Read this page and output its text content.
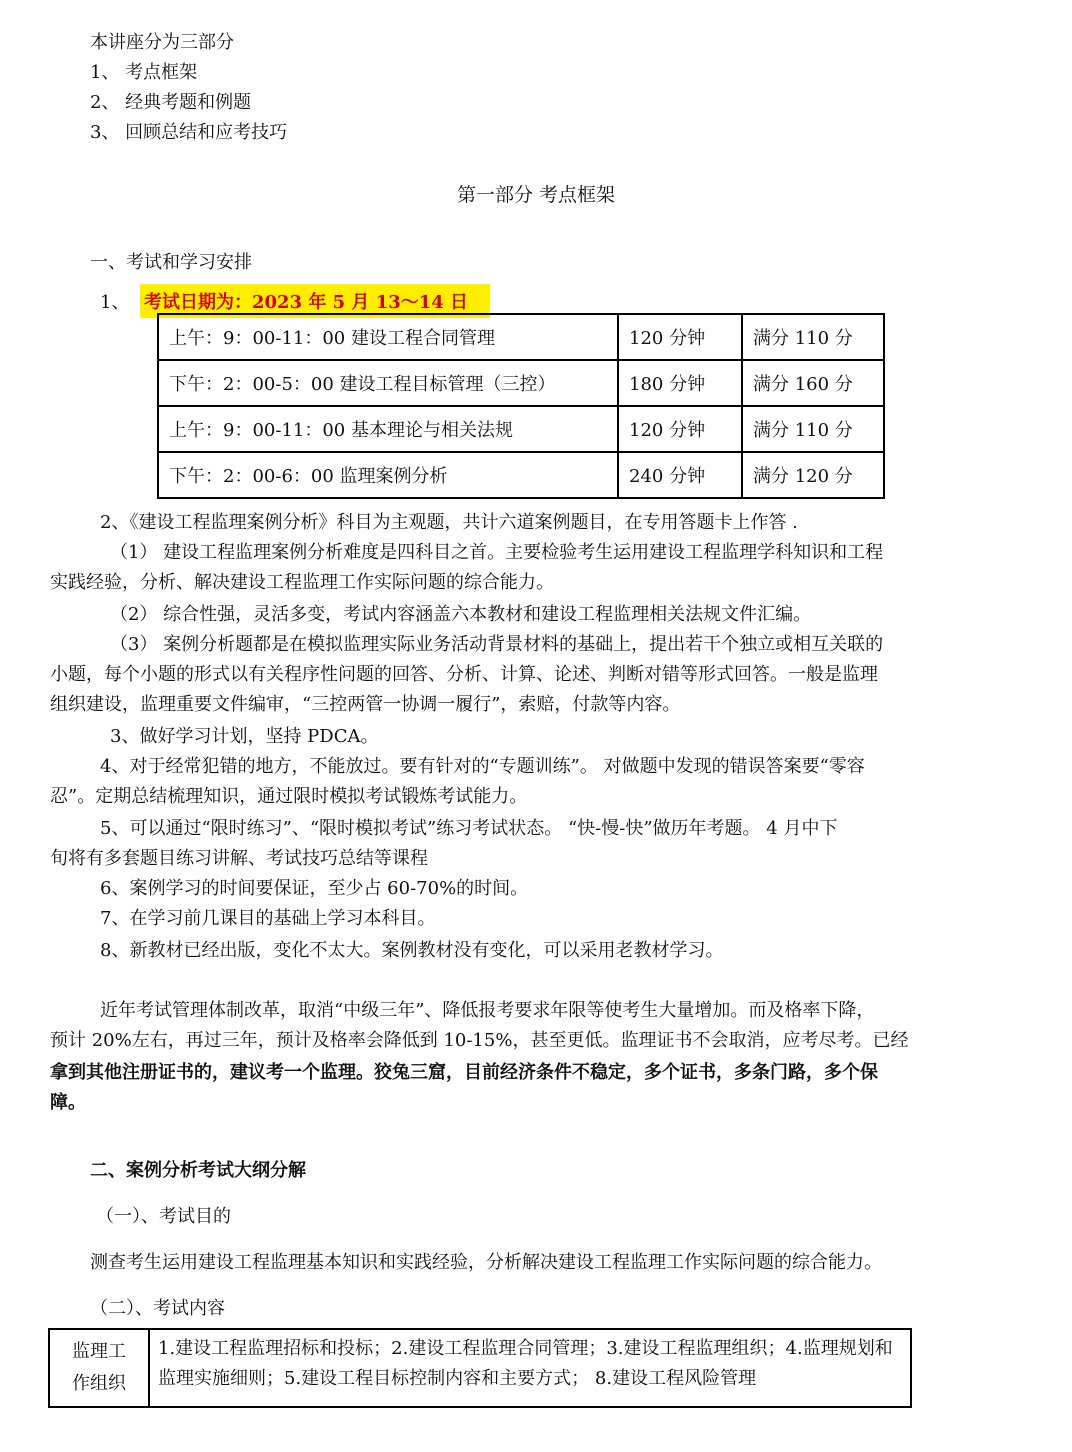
本讲座分为三部分
1、 考点框架
2、 经典考题和例题
3、 回顾总结和应考技巧
第一部分 考点框架
一、考试和学习安排
1、 考试日期为：2023 年 5 月 13～14 日
上午：9：00-11：00 建设工程合同管理	120 分钟	满分 110 分
下午：2：00-5：00 建设工程目标管理（三控）	180 分钟	满分 160 分
上午：9：00-11：00 基本理论与相关法规	120 分钟	满分 110 分
下午：2：00-6：00 监理案例分析	240 分钟	满分 120 分
2、《建设工程监理案例分析》科目为主观题，共计六道案例题目，在专用答题卡上作答 .
（1） 建设工程监理案例分析难度是四科目之首。主要检验考生运用建设工程监理学科知识和工程
实践经验，分析、解决建设工程监理工作实际问题的综合能力。
（2） 综合性强，灵活多变，考试内容涵盖六本教材和建设工程监理相关法规文件汇编。
（3） 案例分析题都是在模拟监理实际业务活动背景材料的基础上，提出若干个独立或相互关联的
小题，每个小题的形式以有关程序性问题的回答、分析、计算、论述、判断对错等形式回答。一般是监理
组织建设，监理重要文件编审，“三控两管一协调一履行”，索赔，付款等内容。
3、做好学习计划，坚持 PDCA。
4、对于经常犯错的地方，不能放过。要有针对的“专题训练”。 对做题中发现的错误答案要“零容
忍”。定期总结梳理知识，通过限时模拟考试锻炼考试能力。
5、可以通过“限时练习”、“限时模拟考试”练习考试状态。 “快-慢-快”做历年考题。 4 月中下
旬将有多套题目练习讲解、考试技巧总结等课程
6、案例学习的时间要保证，至少占 60-70%的时间。
7、在学习前几课目的基础上学习本科目。
8、新教材已经出版，变化不太大。案例教材没有变化，可以采用老教材学习。
近年考试管理体制改革，取消“中级三年”、降低报考要求年限等使考生大量增加。而及格率下降，
预计 20%左右，再过三年，预计及格率会降低到 10-15%，甚至更低。监理证书不会取消，应考尽考。已经
拿到其他注册证书的，建议考一个监理。狡兔三窟，目前经济条件不稳定，多个证书，多条门路，多个保
障。
二、案例分析考试大纲分解
（一）、考试目的
测查考生运用建设工程监理基本知识和实践经验，分析解决建设工程监理工作实际问题的综合能力。
（二）、考试内容
监理工
作组织
	1.建设工程监理招标和投标；2.建设工程监理合同管理；3.建设工程监理组织；4.监理规划和监理实施细则；5.建设工程目标控制内容和主要方式； 8.建设工程风险管理
